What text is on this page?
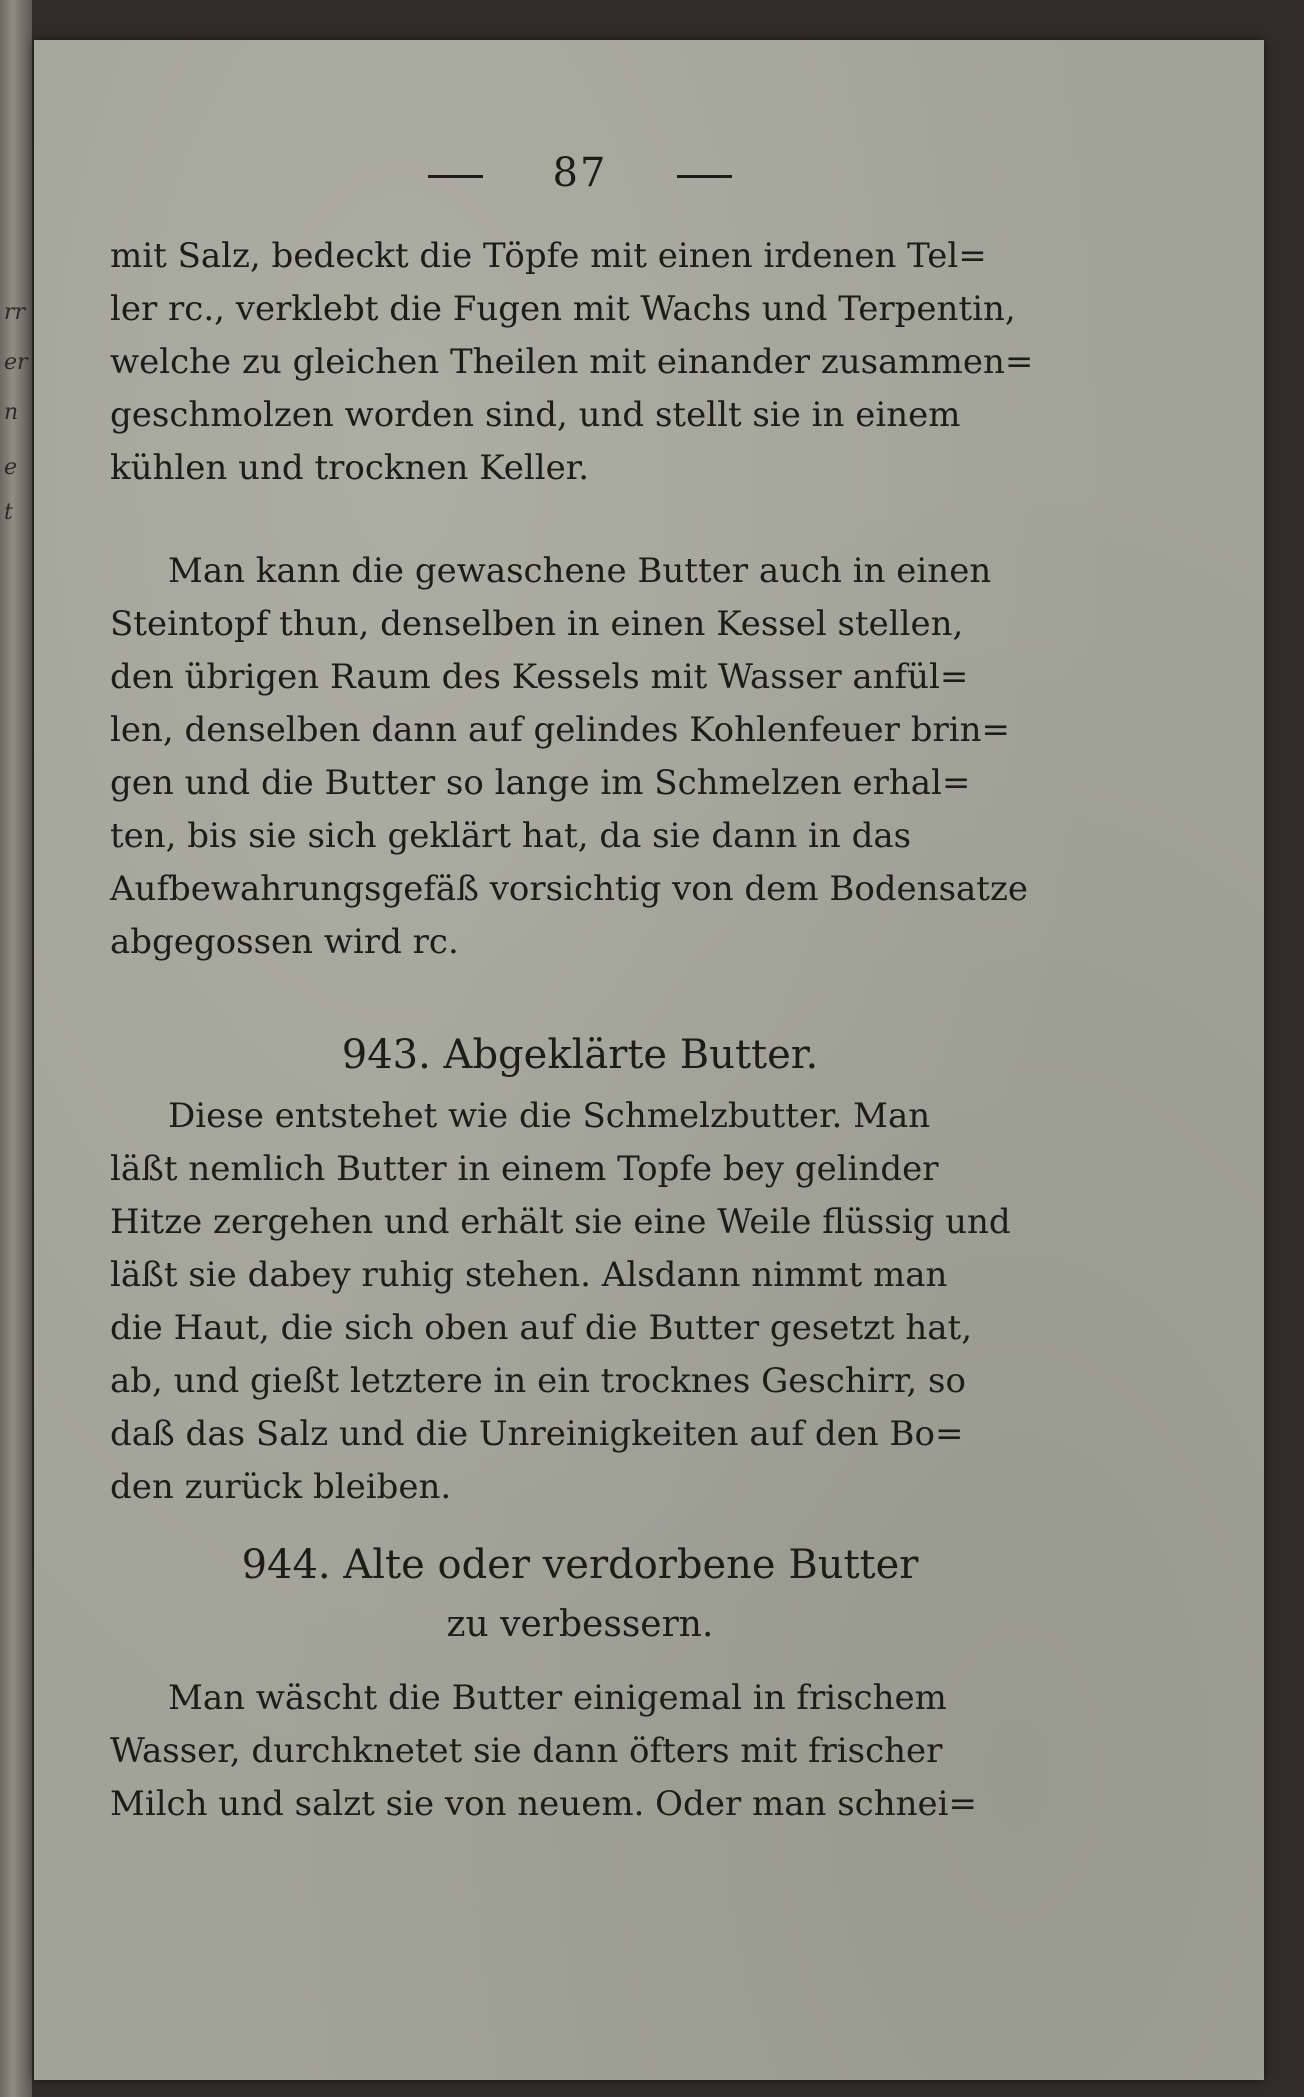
rr
er
n
e
t
87
mit Salz, bedeckt die Töpfe mit einen irdenen Tel=
ler rc., verklebt die Fugen mit Wachs und Terpentin,
welche zu gleichen Theilen mit einander zusammen=
geschmolzen worden sind, und stellt sie in einem
kühlen und trocknen Keller.
Man kann die gewaschene Butter auch in einen
Steintopf thun, denselben in einen Kessel stellen,
den übrigen Raum des Kessels mit Wasser anfül=
len, denselben dann auf gelindes Kohlenfeuer brin=
gen und die Butter so lange im Schmelzen erhal=
ten, bis sie sich geklärt hat, da sie dann in das
Aufbewahrungsgefäß vorsichtig von dem Bodensatze
abgegossen wird rc.
943. Abgeklärte Butter.
Diese entstehet wie die Schmelzbutter. Man
läßt nemlich Butter in einem Topfe bey gelinder
Hitze zergehen und erhält sie eine Weile flüssig und
läßt sie dabey ruhig stehen. Alsdann nimmt man
die Haut, die sich oben auf die Butter gesetzt hat,
ab, und gießt letztere in ein trocknes Geschirr, so
daß das Salz und die Unreinigkeiten auf den Bo=
den zurück bleiben.
944. Alte oder verdorbene Butter
zu verbessern.
Man wäscht die Butter einigemal in frischem
Wasser, durchknetet sie dann öfters mit frischer
Milch und salzt sie von neuem. Oder man schnei=
